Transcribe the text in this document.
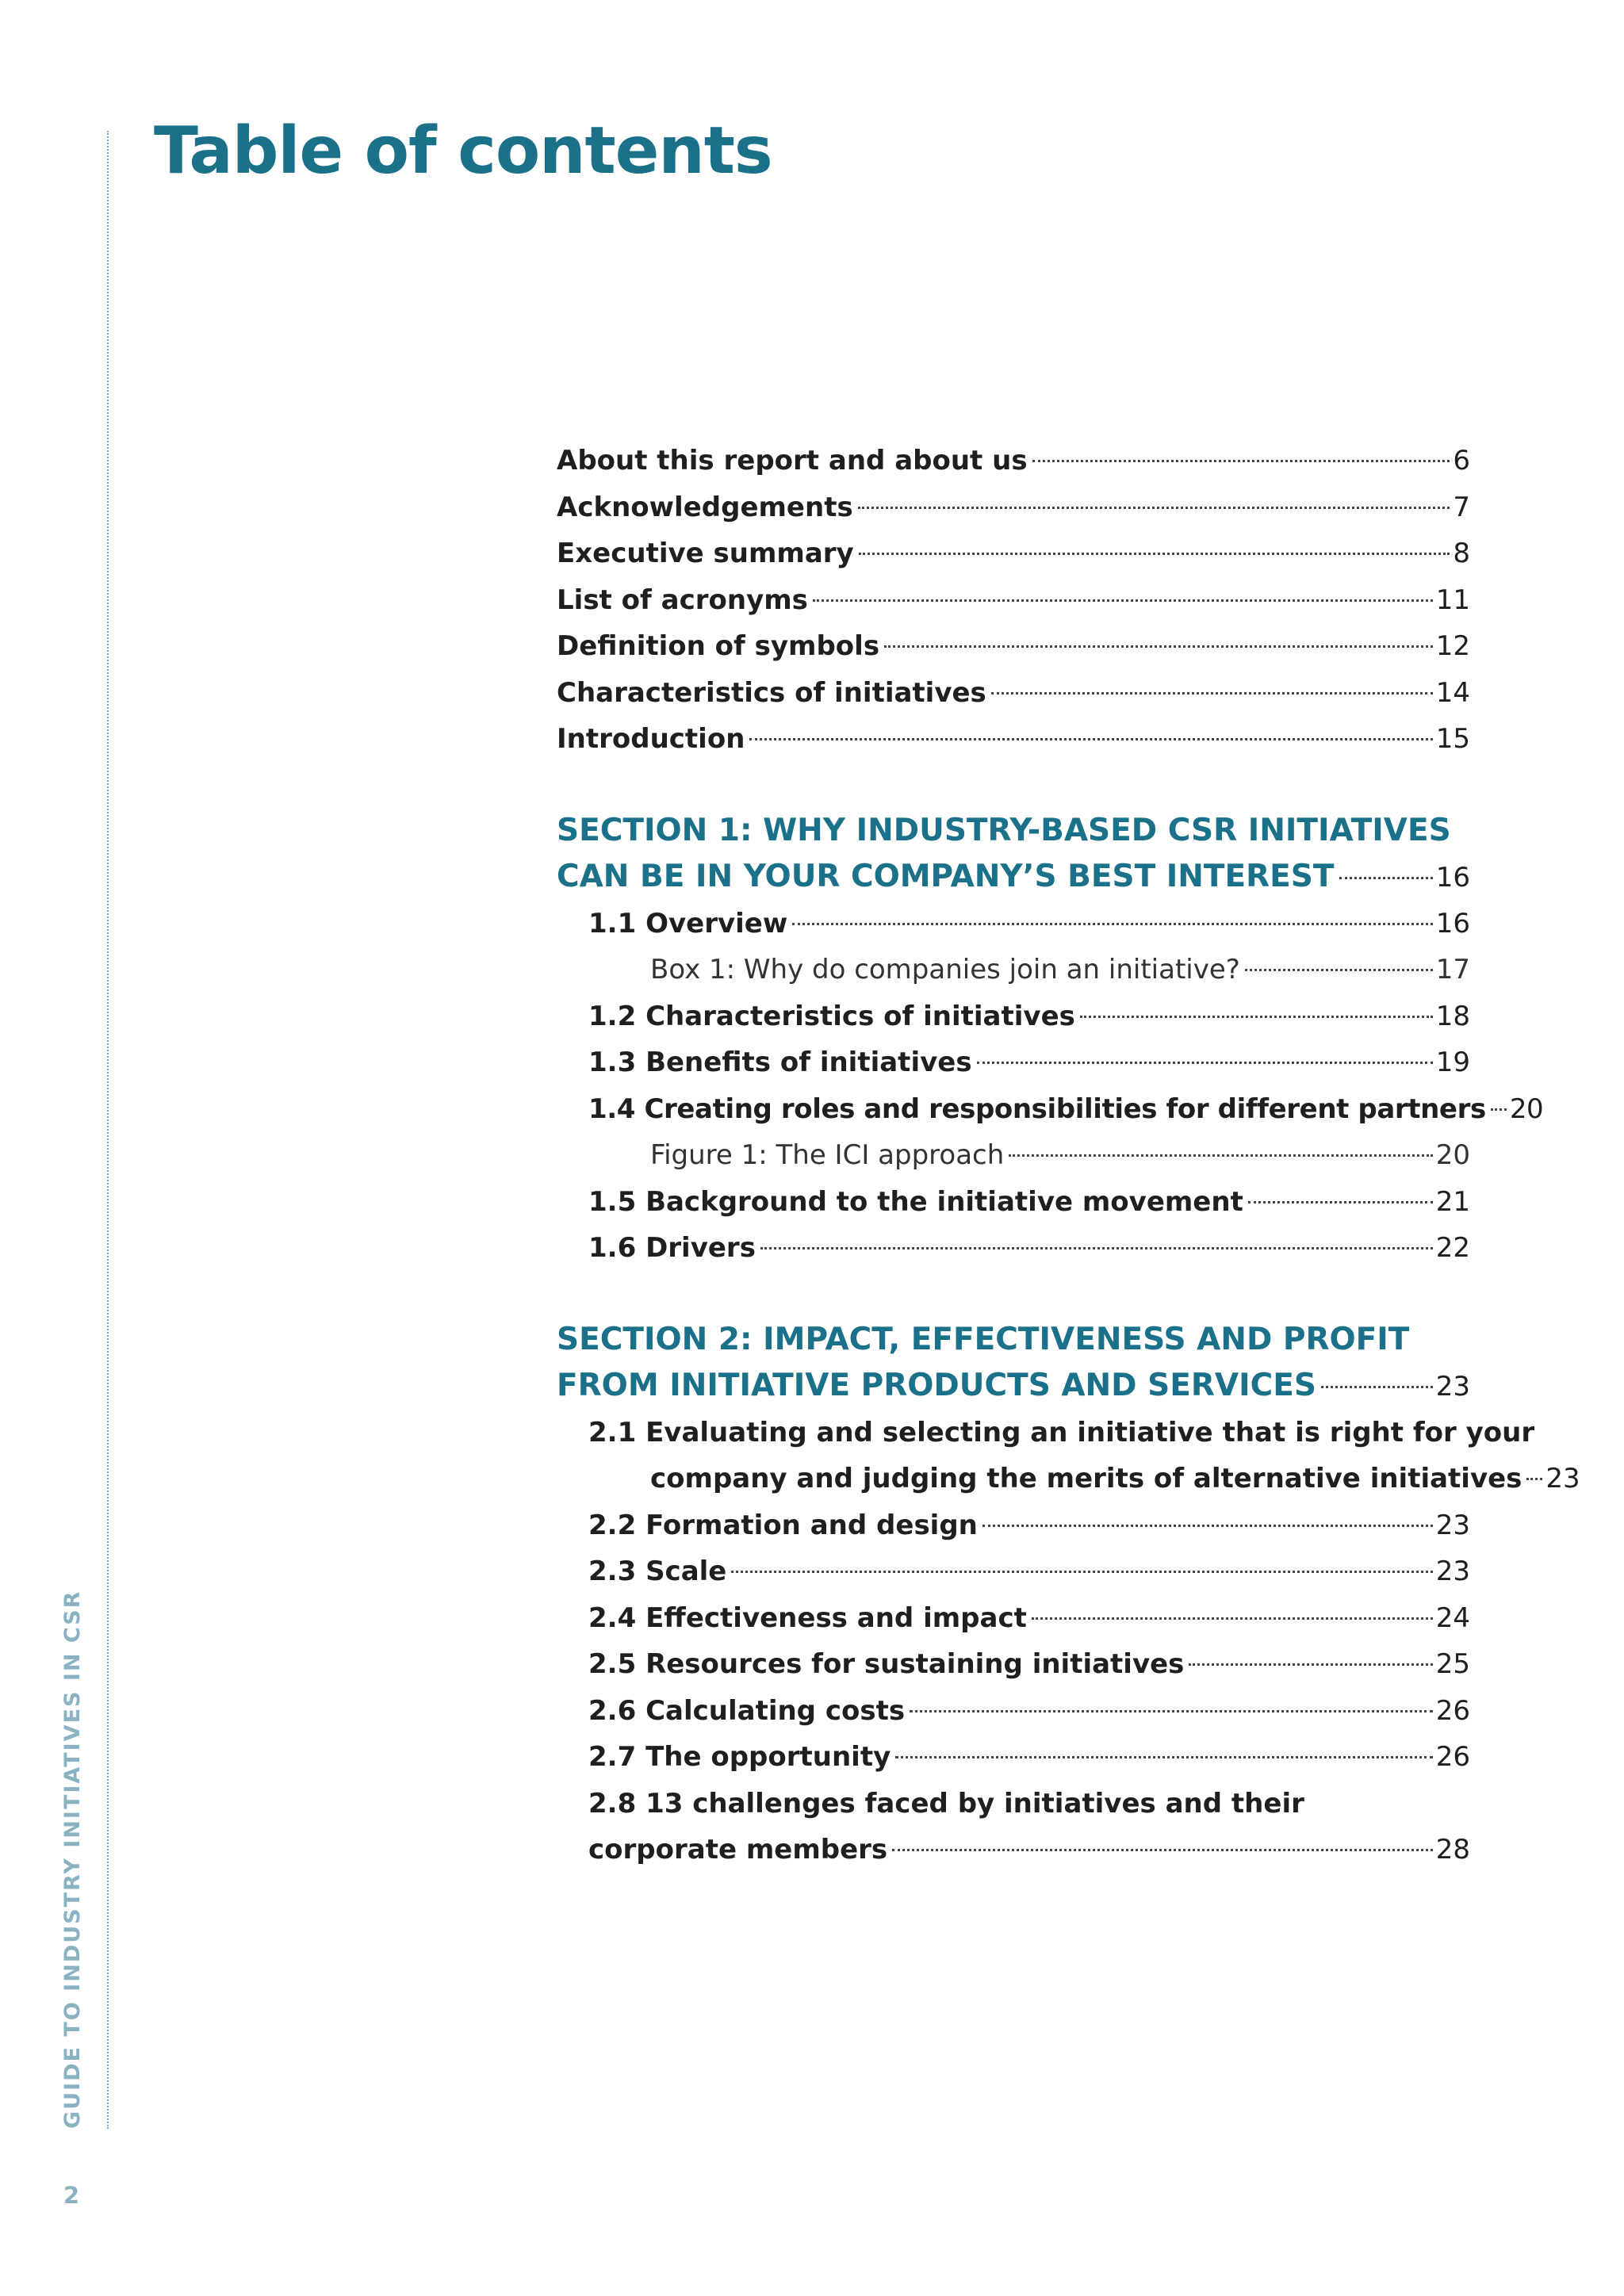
GUIDE TO INDUSTRY INITIATIVES IN CSR
2
Table of contents
About this report and about us	6
Acknowledgements	7
Executive summary	8
List of acronyms	11
Definition of symbols	12
Characteristics of initiatives	14
Introduction	15
SECTION 1: WHY INDUSTRY-BASED CSR INITIATIVES
CAN BE IN YOUR COMPANY’S BEST INTEREST	16
1.1 Overview	16
Box 1: Why do companies join an initiative?	17
1.2 Characteristics of initiatives	18
1.3 Benefits of initiatives	19
1.4 Creating roles and responsibilities for different partners 20
Figure 1: The ICI approach	20
1.5 Background to the initiative movement	21
1.6 Drivers	22
SECTION 2: IMPACT, EFFECTIVENESS AND PROFIT
FROM INITIATIVE PRODUCTS AND SERVICES	23
2.1 Evaluating and selecting an initiative that is right for your
company and judging the merits of alternative initiatives 23
2.2 Formation and design	23
2.3 Scale	23
2.4 Effectiveness and impact	24
2.5 Resources for sustaining initiatives	25
2.6 Calculating costs	26
2.7 The opportunity	26
2.8 13 challenges faced by initiatives and their
corporate members	28
